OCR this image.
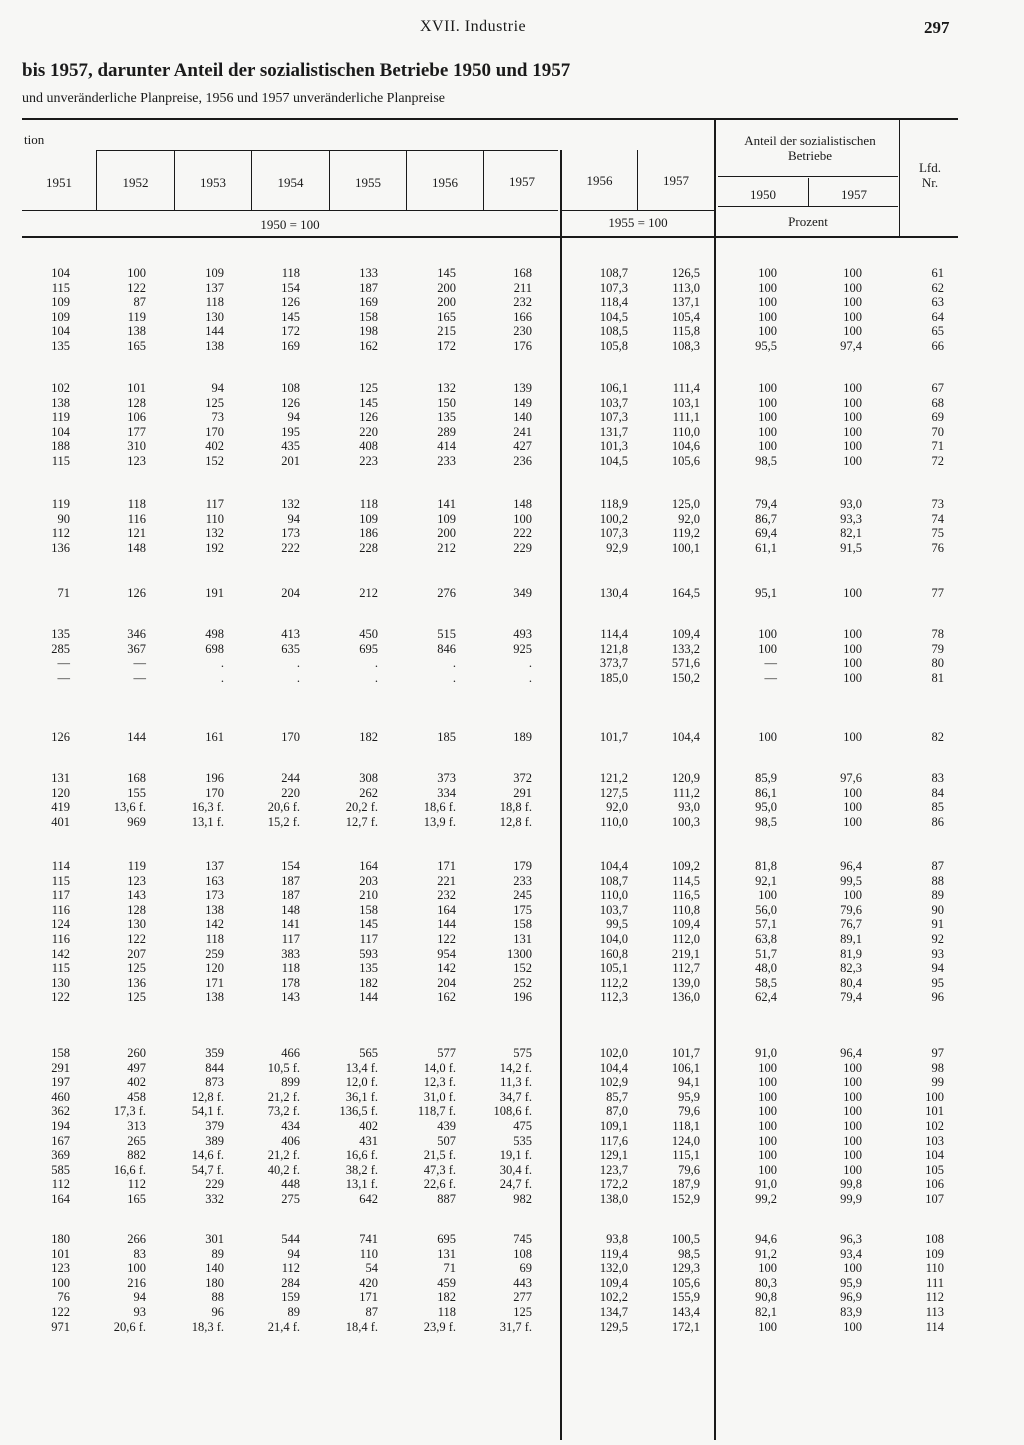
XVII. Industrie	297
bis 1957, darunter Anteil der sozialistischen Betriebe 1950 und 1957
und unveränderliche Planpreise, 1956 und 1957 unveränderliche Planpreise
tion
1951	1952	1953	1954	1955	1956	1957	1956	1957
Anteil der sozialistischen Betriebe
1950	1957
Lfd. Nr.
1950 = 100	1955 = 100	Prozent
104	100	109	118	133	145	168	108,7	126,5	100	100	61
115	122	137	154	187	200	211	107,3	113,0	100	100	62
109	87	118	126	169	200	232	118,4	137,1	100	100	63
109	119	130	145	158	165	166	104,5	105,4	100	100	64
104	138	144	172	198	215	230	108,5	115,8	100	100	65
135	165	138	169	162	172	176	105,8	108,3	95,5	97,4	66
102	101	94	108	125	132	139	106,1	111,4	100	100	67
138	128	125	126	145	150	149	103,7	103,1	100	100	68
119	106	73	94	126	135	140	107,3	111,1	100	100	69
104	177	170	195	220	289	241	131,7	110,0	100	100	70
188	310	402	435	408	414	427	101,3	104,6	100	100	71
115	123	152	201	223	233	236	104,5	105,6	98,5	100	72
119	118	117	132	118	141	148	118,9	125,0	79,4	93,0	73
90	116	110	94	109	109	100	100,2	92,0	86,7	93,3	74
112	121	132	173	186	200	222	107,3	119,2	69,4	82,1	75
136	148	192	222	228	212	229	92,9	100,1	61,1	91,5	76
71	126	191	204	212	276	349	130,4	164,5	95,1	100	77
135	346	498	413	450	515	493	114,4	109,4	100	100	78
285	367	698	635	695	846	925	121,8	133,2	100	100	79
—	—	.	.	.	.	.	373,7	571,6	—	100	80
—	—	.	.	.	.	.	185,0	150,2	—	100	81
126	144	161	170	182	185	189	101,7	104,4	100	100	82
131	168	196	244	308	373	372	121,2	120,9	85,9	97,6	83
120	155	170	220	262	334	291	127,5	111,2	86,1	100	84
419	13,6 f.	16,3 f.	20,6 f.	20,2 f.	18,6 f.	18,8 f.	92,0	93,0	95,0	100	85
401	969	13,1 f.	15,2 f.	12,7 f.	13,9 f.	12,8 f.	110,0	100,3	98,5	100	86
114	119	137	154	164	171	179	104,4	109,2	81,8	96,4	87
115	123	163	187	203	221	233	108,7	114,5	92,1	99,5	88
117	143	173	187	210	232	245	110,0	116,5	100	100	89
116	128	138	148	158	164	175	103,7	110,8	56,0	79,6	90
124	130	142	141	145	144	158	99,5	109,4	57,1	76,7	91
116	122	118	117	117	122	131	104,0	112,0	63,8	89,1	92
142	207	259	383	593	954	1300	160,8	219,1	51,7	81,9	93
115	125	120	118	135	142	152	105,1	112,7	48,0	82,3	94
130	136	171	178	182	204	252	112,2	139,0	58,5	80,4	95
122	125	138	143	144	162	196	112,3	136,0	62,4	79,4	96
158	260	359	466	565	577	575	102,0	101,7	91,0	96,4	97
291	497	844	10,5 f.	13,4 f.	14,0 f.	14,2 f.	104,4	106,1	100	100	98
197	402	873	899	12,0 f.	12,3 f.	11,3 f.	102,9	94,1	100	100	99
460	458	12,8 f.	21,2 f.	36,1 f.	31,0 f.	34,7 f.	85,7	95,9	100	100	100
362	17,3 f.	54,1 f.	73,2 f.	136,5 f.	118,7 f.	108,6 f.	87,0	79,6	100	100	101
194	313	379	434	402	439	475	109,1	118,1	100	100	102
167	265	389	406	431	507	535	117,6	124,0	100	100	103
369	882	14,6 f.	21,2 f.	16,6 f.	21,5 f.	19,1 f.	129,1	115,1	100	100	104
585	16,6 f.	54,7 f.	40,2 f.	38,2 f.	47,3 f.	30,4 f.	123,7	79,6	100	100	105
112	112	229	448	13,1 f.	22,6 f.	24,7 f.	172,2	187,9	91,0	99,8	106
164	165	332	275	642	887	982	138,0	152,9	99,2	99,9	107
180	266	301	544	741	695	745	93,8	100,5	94,6	96,3	108
101	83	89	94	110	131	108	119,4	98,5	91,2	93,4	109
123	100	140	112	54	71	69	132,0	129,3	100	100	110
100	216	180	284	420	459	443	109,4	105,6	80,3	95,9	111
76	94	88	159	171	182	277	102,2	155,9	90,8	96,9	112
122	93	96	89	87	118	125	134,7	143,4	82,1	83,9	113
971	20,6 f.	18,3 f.	21,4 f.	18,4 f.	23,9 f.	31,7 f.	129,5	172,1	100	100	114
